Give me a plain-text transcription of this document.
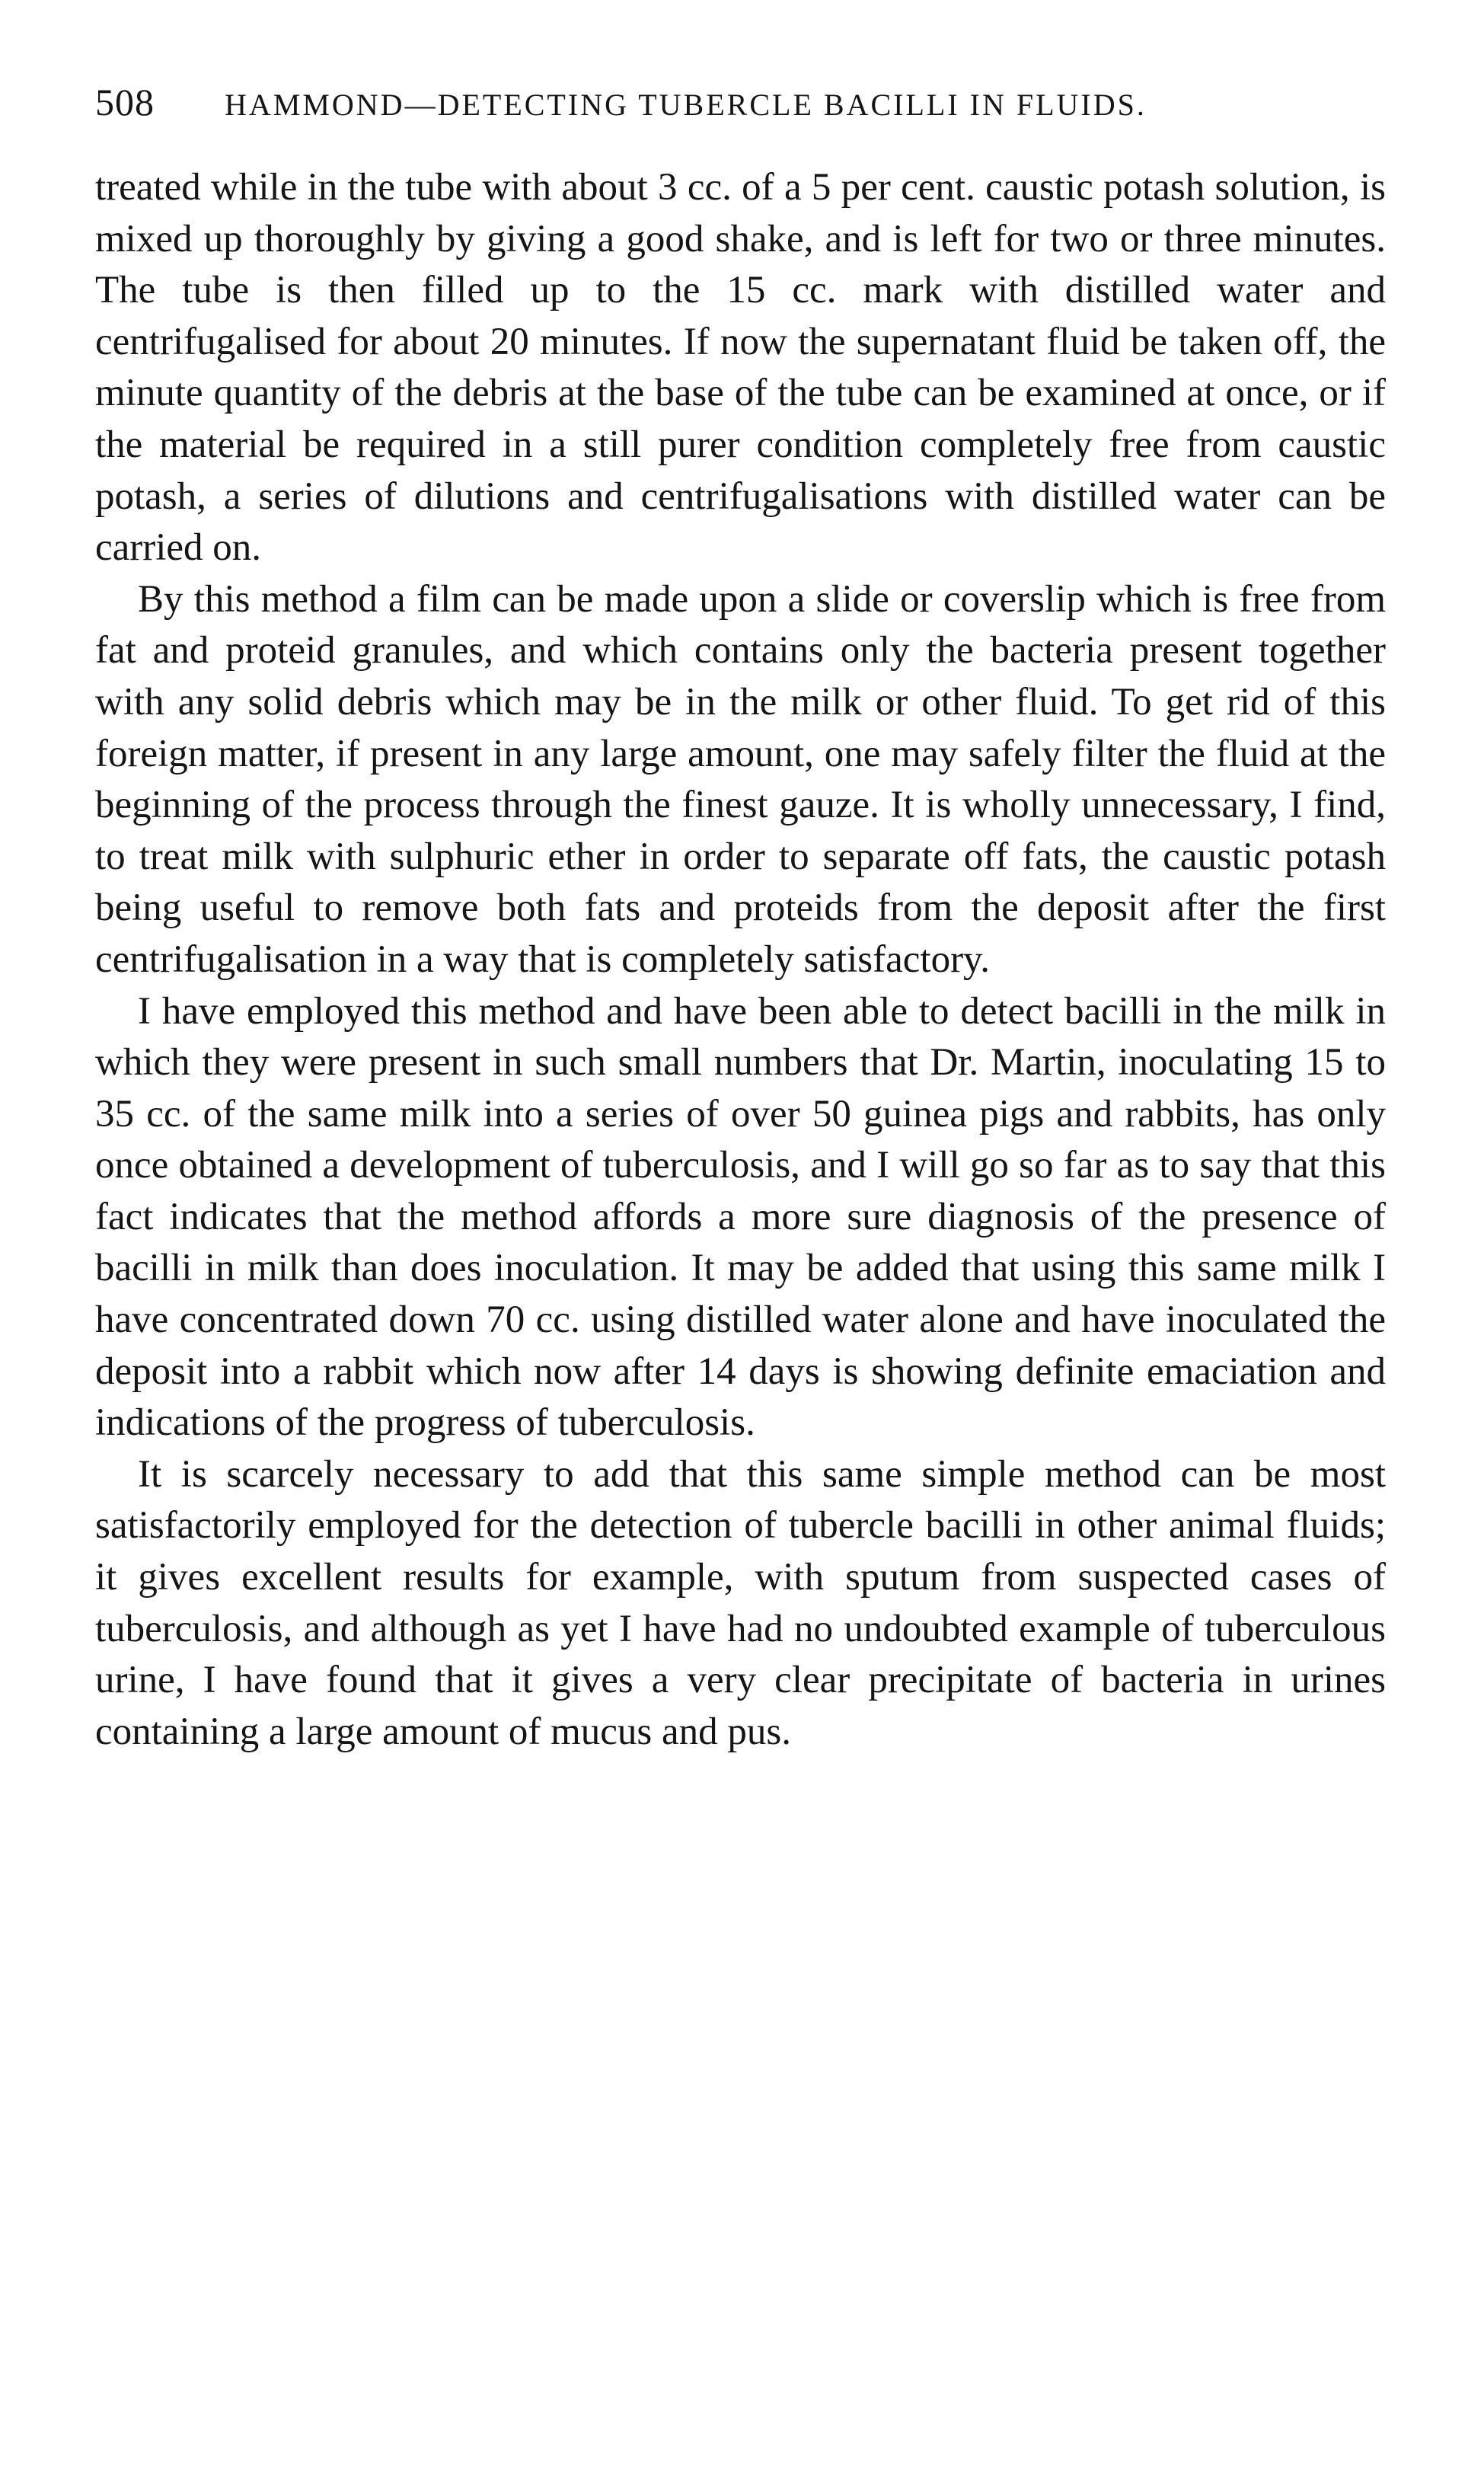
508	HAMMOND—DETECTING TUBERCLE BACILLI IN FLUIDS.

treated while in the tube with about 3 cc. of a 5 per cent. caustic potash solution, is mixed up thoroughly by giving a good shake, and is left for two or three minutes. The tube is then filled up to the 15 cc. mark with distilled water and centrifugalised for about 20 minutes. If now the supernatant fluid be taken off, the minute quantity of the debris at the base of the tube can be examined at once, or if the material be required in a still purer condition completely free from caustic potash, a series of dilutions and centrifugalisations with distilled water can be carried on.

By this method a film can be made upon a slide or coverslip which is free from fat and proteid granules, and which contains only the bacteria present together with any solid debris which may be in the milk or other fluid. To get rid of this foreign matter, if present in any large amount, one may safely filter the fluid at the beginning of the process through the finest gauze. It is wholly unnecessary, I find, to treat milk with sulphuric ether in order to separate off fats, the caustic potash being useful to remove both fats and proteids from the deposit after the first centrifugalisation in a way that is completely satisfactory.

I have employed this method and have been able to detect bacilli in the milk in which they were present in such small numbers that Dr. Martin, inoculating 15 to 35 cc. of the same milk into a series of over 50 guinea pigs and rabbits, has only once obtained a development of tuberculosis, and I will go so far as to say that this fact indicates that the method affords a more sure diagnosis of the presence of bacilli in milk than does inoculation. It may be added that using this same milk I have concentrated down 70 cc. using distilled water alone and have inoculated the deposit into a rabbit which now after 14 days is showing definite emaciation and indications of the progress of tuberculosis.

It is scarcely necessary to add that this same simple method can be most satisfactorily employed for the detection of tubercle bacilli in other animal fluids; it gives excellent results for example, with sputum from suspected cases of tuberculosis, and although as yet I have had no undoubted example of tuberculous urine, I have found that it gives a very clear precipitate of bacteria in urines containing a large amount of mucus and pus.
